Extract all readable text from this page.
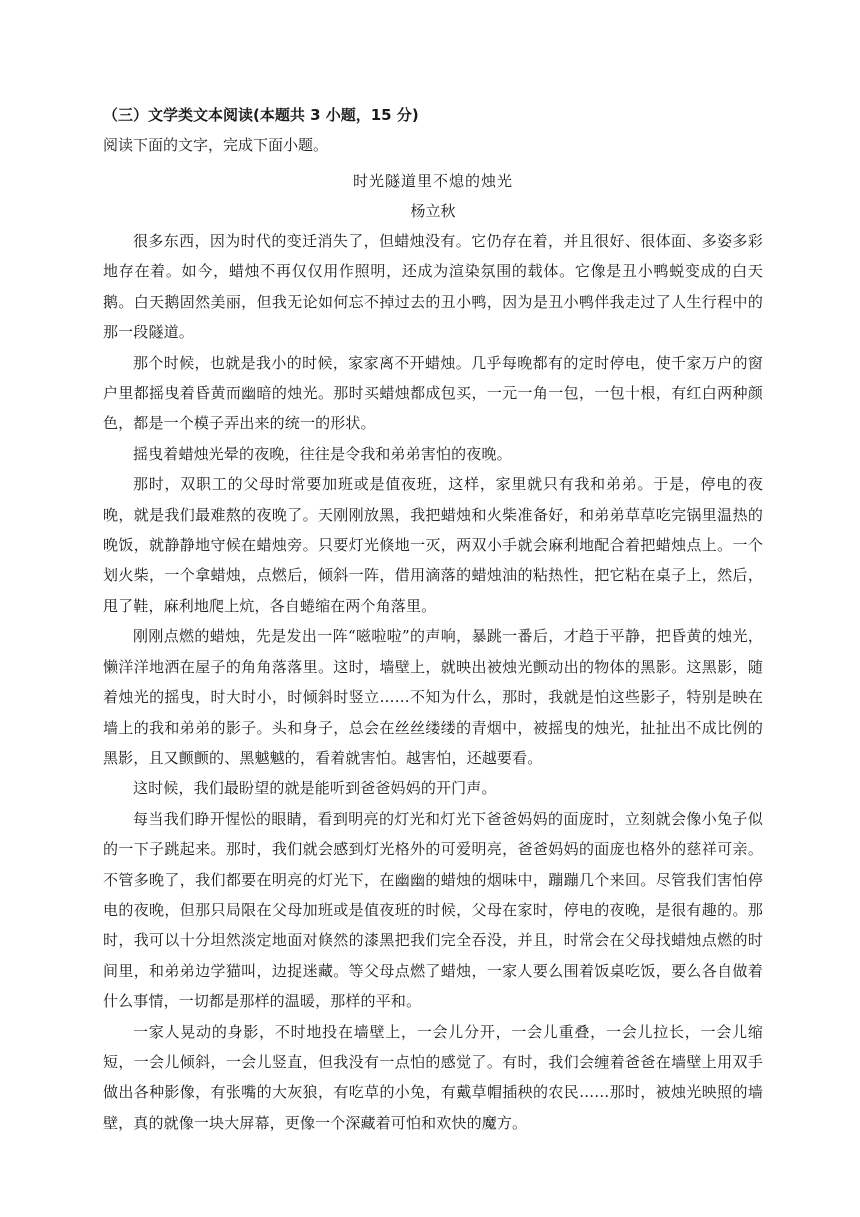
（三）文学类文本阅读(本题共 3 小题，15 分)

阅读下面的文字，完成下面小题。

时光隧道里不熄的烛光

杨立秋

很多东西，因为时代的变迁消失了，但蜡烛没有。它仍存在着，并且很好、很体面、多姿多彩地存在着。如今，蜡烛不再仅仅用作照明，还成为渲染氛围的载体。它像是丑小鸭蜕变成的白天鹅。白天鹅固然美丽，但我无论如何忘不掉过去的丑小鸭，因为是丑小鸭伴我走过了人生行程中的那一段隧道。

那个时候，也就是我小的时候，家家离不开蜡烛。几乎每晚都有的定时停电，使千家万户的窗户里都摇曳着昏黄而幽暗的烛光。那时买蜡烛都成包买，一元一角一包，一包十根，有红白两种颜色，都是一个模子弄出来的统一的形状。

摇曳着蜡烛光晕的夜晚，往往是令我和弟弟害怕的夜晚。

那时，双职工的父母时常要加班或是值夜班，这样，家里就只有我和弟弟。于是，停电的夜晚，就是我们最难熬的夜晚了。天刚刚放黑，我把蜡烛和火柴准备好，和弟弟草草吃完锅里温热的晚饭，就静静地守候在蜡烛旁。只要灯光倏地一灭，两双小手就会麻利地配合着把蜡烛点上。一个划火柴，一个拿蜡烛，点燃后，倾斜一阵，借用滴落的蜡烛油的粘热性，把它粘在桌子上，然后，甩了鞋，麻利地爬上炕，各自蜷缩在两个角落里。

刚刚点燃的蜡烛，先是发出一阵“嗞啦啦”的声响，暴跳一番后，才趋于平静，把昏黄的烛光，懒洋洋地洒在屋子的角角落落里。这时，墙壁上，就映出被烛光颤动出的物体的黑影。这黑影，随着烛光的摇曳，时大时小，时倾斜时竖立……不知为什么，那时，我就是怕这些影子，特别是映在墙上的我和弟弟的影子。头和身子，总会在丝丝缕缕的青烟中，被摇曳的烛光，扯扯出不成比例的黑影，且又颤颤的、黑魆魆的，看着就害怕。越害怕，还越要看。

这时候，我们最盼望的就是能听到爸爸妈妈的开门声。

每当我们睁开惺忪的眼睛，看到明亮的灯光和灯光下爸爸妈妈的面庞时，立刻就会像小兔子似的一下子跳起来。那时，我们就会感到灯光格外的可爱明亮，爸爸妈妈的面庞也格外的慈祥可亲。不管多晚了，我们都要在明亮的灯光下，在幽幽的蜡烛的烟味中，蹦蹦几个来回。尽管我们害怕停电的夜晚，但那只局限在父母加班或是值夜班的时候，父母在家时，停电的夜晚，是很有趣的。那时，我可以十分坦然淡定地面对倏然的漆黑把我们完全吞没，并且，时常会在父母找蜡烛点燃的时间里，和弟弟边学猫叫，边捉迷藏。等父母点燃了蜡烛，一家人要么围着饭桌吃饭，要么各自做着什么事情，一切都是那样的温暖，那样的平和。

一家人晃动的身影，不时地投在墙壁上，一会儿分开，一会儿重叠，一会儿拉长，一会儿缩短，一会儿倾斜，一会儿竖直，但我没有一点怕的感觉了。有时，我们会缠着爸爸在墙壁上用双手做出各种影像，有张嘴的大灰狼，有吃草的小兔，有戴草帽插秧的农民……那时，被烛光映照的墙壁，真的就像一块大屏幕，更像一个深藏着可怕和欢快的魔方。
